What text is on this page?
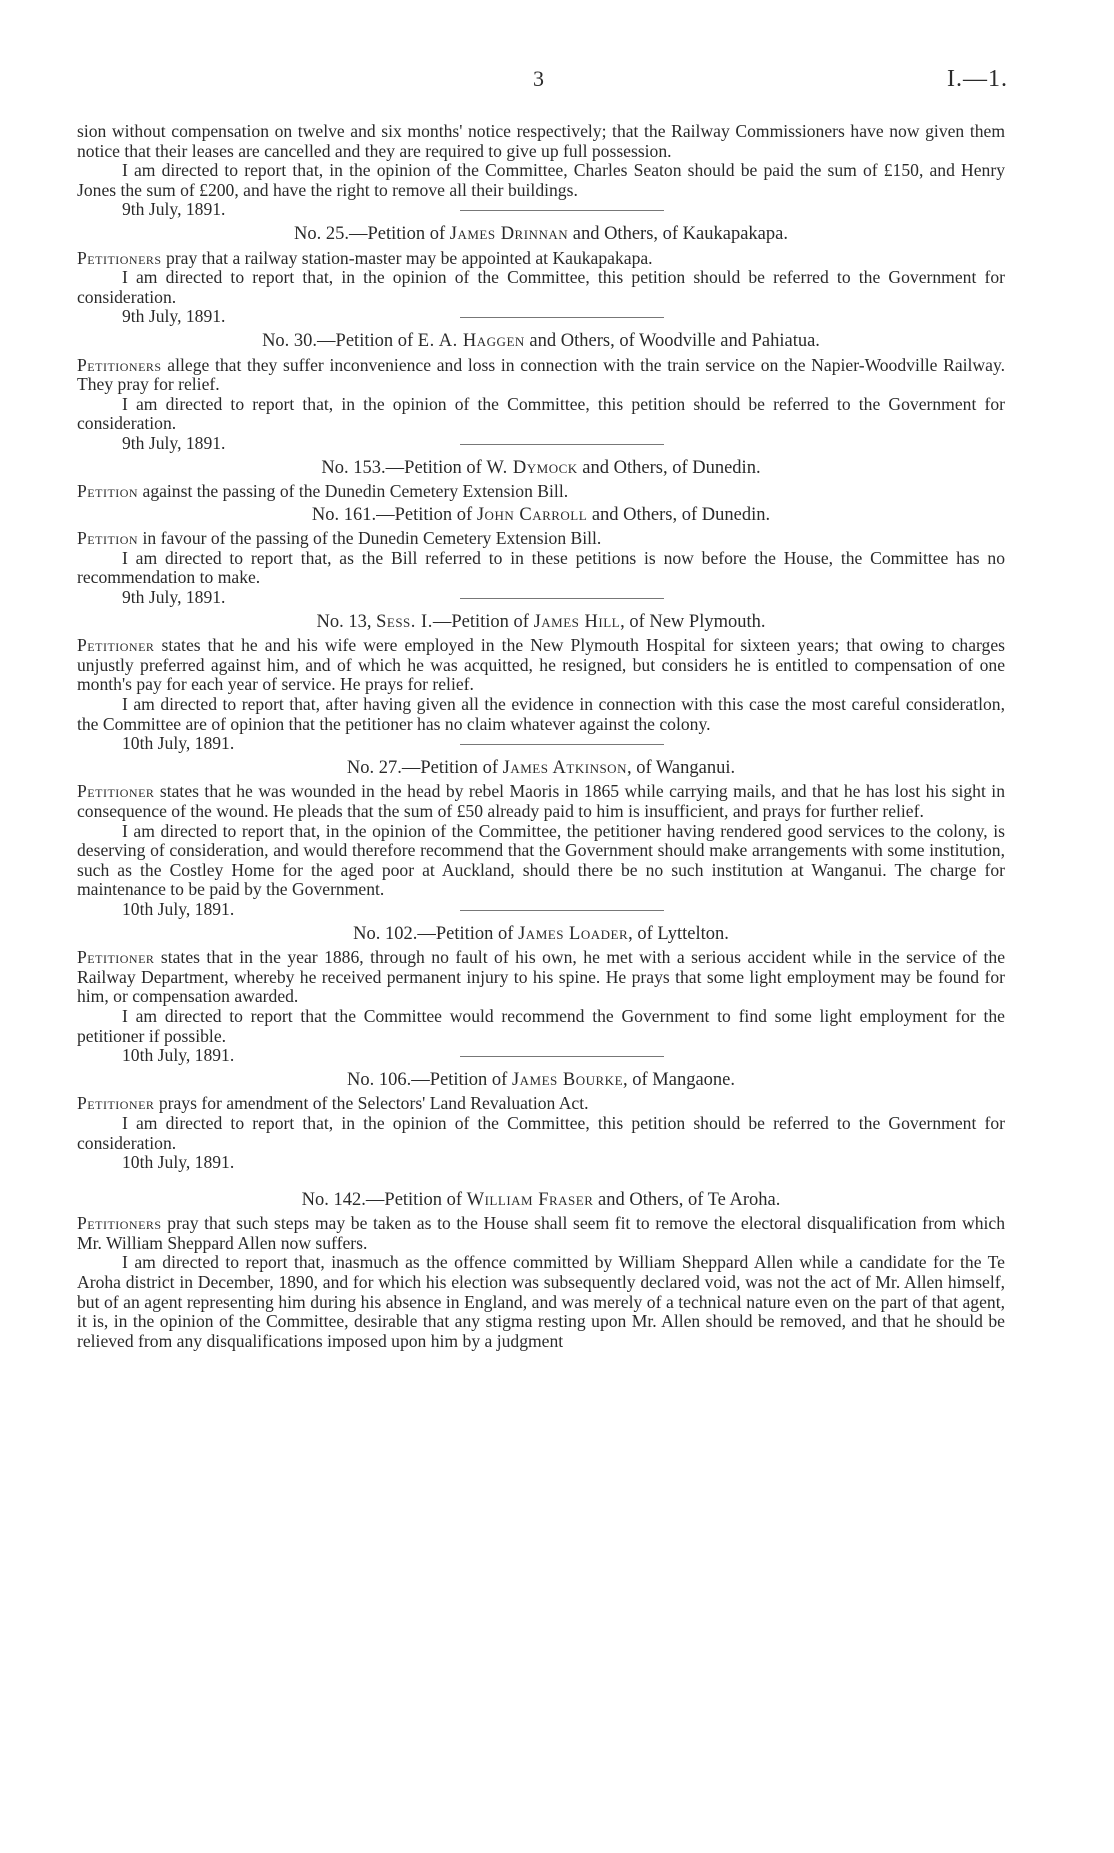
3	I.—1.

sion without compensation on twelve and six months' notice respectively; that the Railway Commissioners have now given them notice that their leases are cancelled and they are required to give up full possession.

I am directed to report that, in the opinion of the Committee, Charles Seaton should be paid the sum of £150, and Henry Jones the sum of £200, and have the right to remove all their buildings.

9th July, 1891.

No. 25.—Petition of James Drinnan and Others, of Kaukapakapa.

Petitioners pray that a railway station-master may be appointed at Kaukapakapa.

I am directed to report that, in the opinion of the Committee, this petition should be referred to the Government for consideration.

9th July, 1891.

No. 30.—Petition of E. A. Haggen and Others, of Woodville and Pahiatua.

Petitioners allege that they suffer inconvenience and loss in connection with the train service on the Napier-Woodville Railway. They pray for relief.

I am directed to report that, in the opinion of the Committee, this petition should be referred to the Government for consideration.

9th July, 1891.

No. 153.—Petition of W. Dymock and Others, of Dunedin.

Petition against the passing of the Dunedin Cemetery Extension Bill.

No. 161.—Petition of John Carroll and Others, of Dunedin.

Petition in favour of the passing of the Dunedin Cemetery Extension Bill.

I am directed to report that, as the Bill referred to in these petitions is now before the House, the Committee has no recommendation to make.

9th July, 1891.

No. 13, Sess. I.—Petition of James Hill, of New Plymouth.

Petitioner states that he and his wife were employed in the New Plymouth Hospital for sixteen years; that owing to charges unjustly preferred against him, and of which he was acquitted, he resigned, but considers he is entitled to compensation of one month's pay for each year of service. He prays for relief.

I am directed to report that, after having given all the evidence in connection with this case the most careful consideratlon, the Committee are of opinion that the petitioner has no claim whatever against the colony.

10th July, 1891.

No. 27.—Petition of James Atkinson, of Wanganui.

Petitioner states that he was wounded in the head by rebel Maoris in 1865 while carrying mails, and that he has lost his sight in consequence of the wound. He pleads that the sum of £50 already paid to him is insufficient, and prays for further relief.

I am directed to report that, in the opinion of the Committee, the petitioner having rendered good services to the colony, is deserving of consideration, and would therefore recommend that the Government should make arrangements with some institution, such as the Costley Home for the aged poor at Auckland, should there be no such institution at Wanganui. The charge for maintenance to be paid by the Government.

10th July, 1891.

No. 102.—Petition of James Loader, of Lyttelton.

Petitioner states that in the year 1886, through no fault of his own, he met with a serious accident while in the service of the Railway Department, whereby he received permanent injury to his spine. He prays that some light employment may be found for him, or compensation awarded.

I am directed to report that the Committee would recommend the Government to find some light employment for the petitioner if possible.

10th July, 1891.

No. 106.—Petition of James Bourke, of Mangaone.

Petitioner prays for amendment of the Selectors' Land Revaluation Act.

I am directed to report that, in the opinion of the Committee, this petition should be referred to the Government for consideration.

10th July, 1891.

No. 142.—Petition of William Fraser and Others, of Te Aroha.

Petitioners pray that such steps may be taken as to the House shall seem fit to remove the electoral disqualification from which Mr. William Sheppard Allen now suffers.

I am directed to report that, inasmuch as the offence committed by William Sheppard Allen while a candidate for the Te Aroha district in December, 1890, and for which his election was subsequently declared void, was not the act of Mr. Allen himself, but of an agent representing him during his absence in England, and was merely of a technical nature even on the part of that agent, it is, in the opinion of the Committee, desirable that any stigma resting upon Mr. Allen should be removed, and that he should be relieved from any disqualifications imposed upon him by a judgment
